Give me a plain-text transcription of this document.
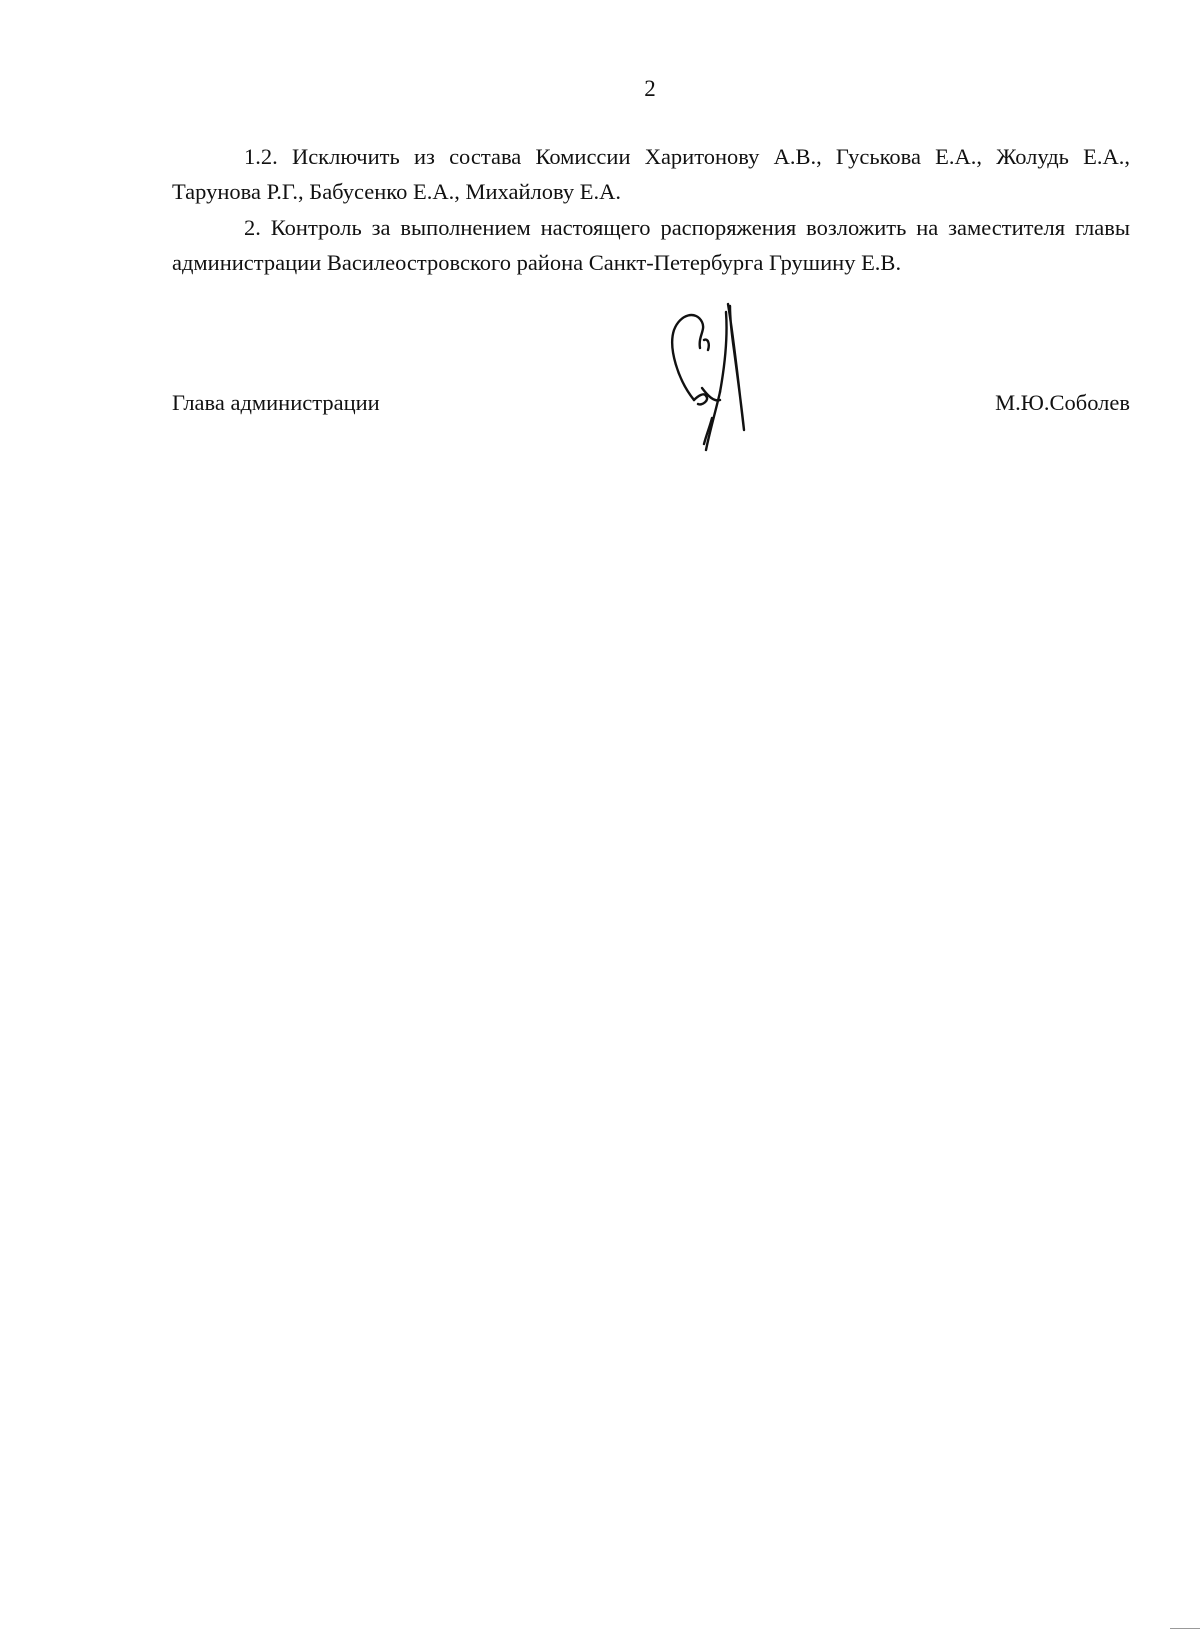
2

1.2. Исключить из состава Комиссии Харитонову А.В., Гуськова Е.А., Жолудь Е.А., Тарунова Р.Г., Бабусенко Е.А., Михайлову Е.А.

2. Контроль за выполнением настоящего распоряжения возложить на заместителя главы администрации Василеостровского района Санкт-Петербурга Грушину Е.В.

Глава администрации	М.Ю.Соболев
